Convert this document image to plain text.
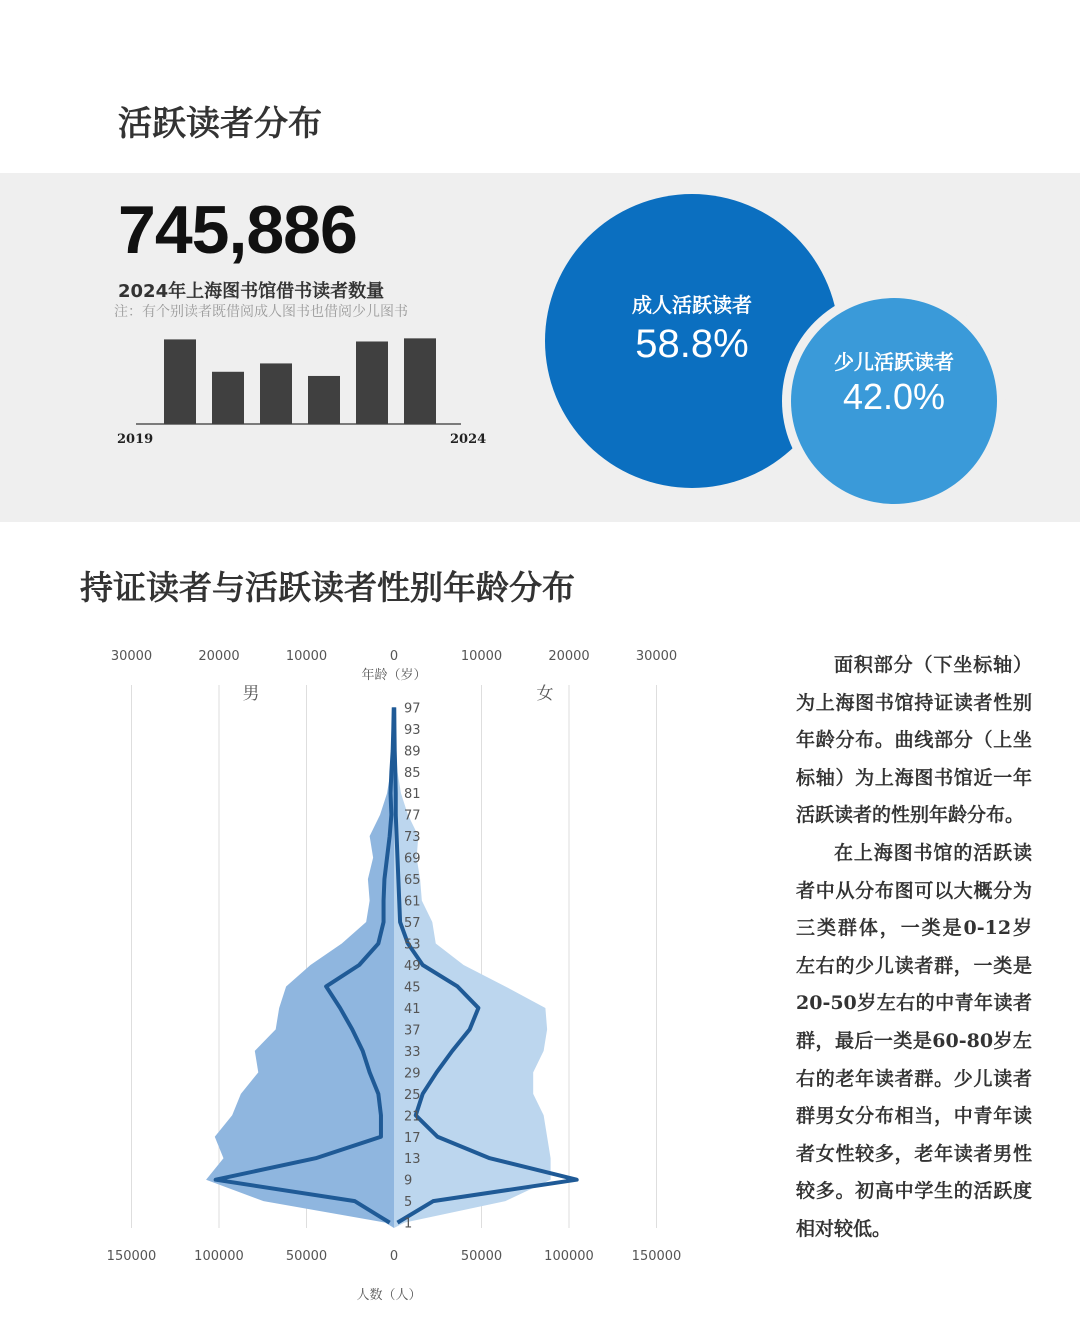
活跃读者分布
745,886
2024年上海图书馆借书读者数量
注：有个别读者既借阅成人图书也借阅少儿图书
2019	2024
成人活跃读者
58.8%	少儿活跃读者
42.0%
持证读者与活跃读者性别年龄分布
30000
150000
20000
100000
10000
50000
0
0
10000
50000
20000
100000
30000
150000
97
93
89
85
81
77
73
69
65
61
57
53
49
45
41
37
33
29
25
21
17
13
9
5
1
年龄（岁）
人数（人）
男	女

面积部分（下坐标轴）为上海图书馆持证读者性别年龄分布。曲线部分（上坐标轴）为上海图书馆近一年活跃读者的性别年龄分布。

在上海图书馆的活跃读者中从分布图可以大概分为三类群体，一类是0-12岁左右的少儿读者群，一类是20-50岁左右的中青年读者群，最后一类是60-80岁左右的老年读者群。少儿读者群男女分布相当，中青年读者女性较多，老年读者男性较多。初高中学生的活跃度相对较低。
